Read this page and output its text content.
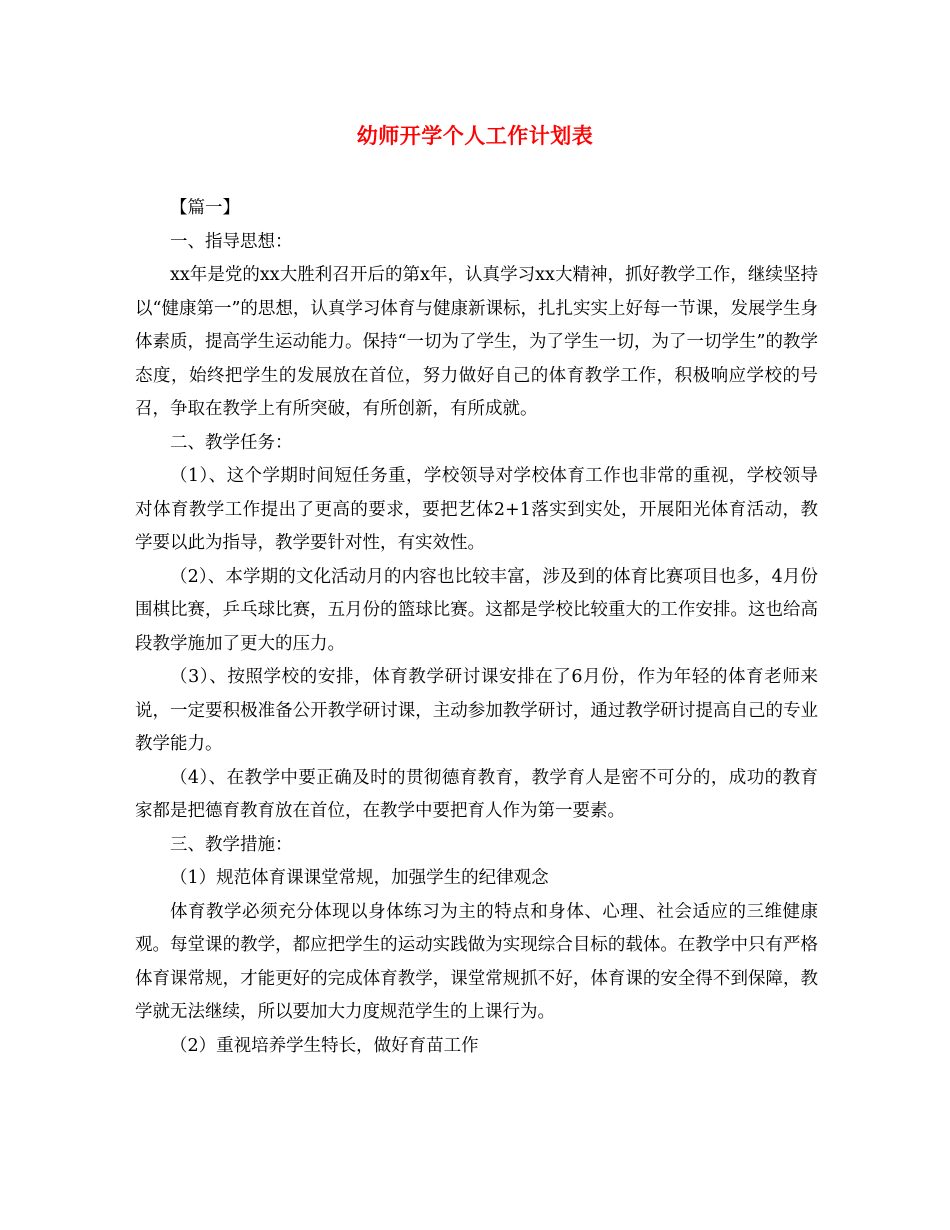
幼师开学个人工作计划表

【篇一】

一、指导思想：

xx年是党的xx大胜利召开后的第x年，认真学习xx大精神，抓好教学工作，继续坚持以“健康第一”的思想，认真学习体育与健康新课标，扎扎实实上好每一节课，发展学生身体素质，提高学生运动能力。保持“一切为了学生，为了学生一切，为了一切学生”的教学态度，始终把学生的发展放在首位，努力做好自己的体育教学工作，积极响应学校的号召，争取在教学上有所突破，有所创新，有所成就。

二、教学任务：

（1）、这个学期时间短任务重，学校领导对学校体育工作也非常的重视，学校领导对体育教学工作提出了更高的要求，要把艺体2+1落实到实处，开展阳光体育活动，教学要以此为指导，教学要针对性，有实效性。

（2）、本学期的文化活动月的内容也比较丰富，涉及到的体育比赛项目也多，4月份围棋比赛，乒乓球比赛，五月份的篮球比赛。这都是学校比较重大的工作安排。这也给高段教学施加了更大的压力。

（3）、按照学校的安排，体育教学研讨课安排在了6月份，作为年轻的体育老师来说，一定要积极准备公开教学研讨课，主动参加教学研讨，通过教学研讨提高自己的专业教学能力。

（4）、在教学中要正确及时的贯彻德育教育，教学育人是密不可分的，成功的教育家都是把德育教育放在首位，在教学中要把育人作为第一要素。

三、教学措施：

（1）规范体育课课堂常规，加强学生的纪律观念

体育教学必须充分体现以身体练习为主的特点和身体、心理、社会适应的三维健康观。每堂课的教学，都应把学生的运动实践做为实现综合目标的载体。在教学中只有严格体育课常规，才能更好的完成体育教学，课堂常规抓不好，体育课的安全得不到保障，教学就无法继续，所以要加大力度规范学生的上课行为。

（2）重视培养学生特长，做好育苗工作
